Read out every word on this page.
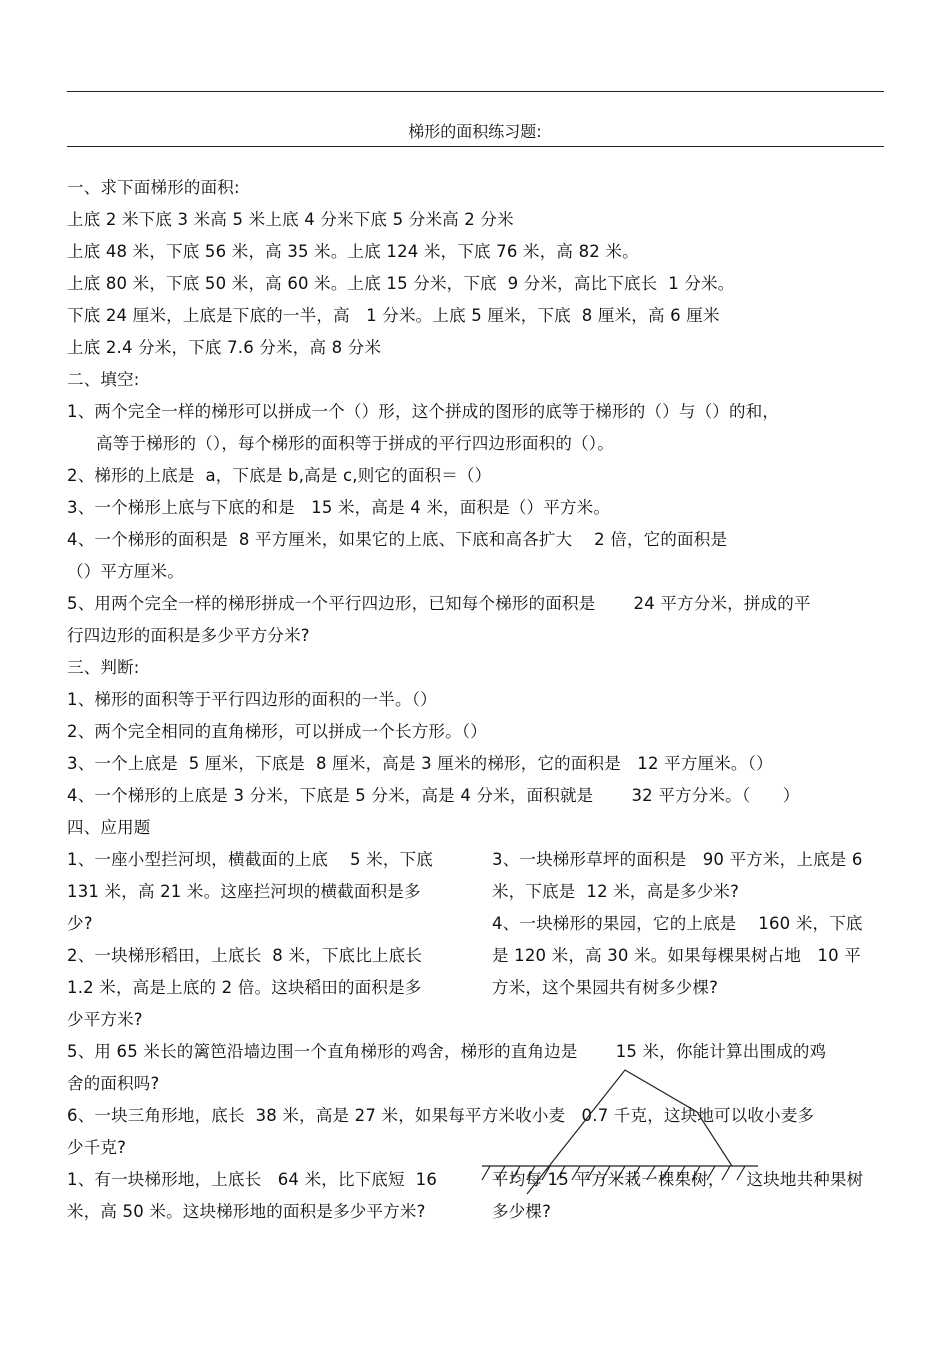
梯形的面积练习题:
一、求下面梯形的面积:
上底 2 米下底 3 米高 5 米上底 4 分米下底 5 分米高 2 分米
上底 48 米，下底 56 米，高 35 米。上底 124 米，下底 76 米，高 82 米。
上底 80 米，下底 50 米，高 60 米。上底 15 分米，下底  9 分米，高比下底长  1 分米。
下底 24 厘米，上底是下底的一半，高   1 分米。上底 5 厘米，下底  8 厘米，高 6 厘米
上底 2.4 分米，下底 7.6 分米，高 8 分米
二、填空:
1、两个完全一样的梯形可以拼成一个（）形，这个拼成的图形的底等于梯形的（）与（）的和，
高等于梯形的（），每个梯形的面积等于拼成的平行四边形面积的（）。
2、梯形的上底是  a，下底是 b,高是 c,则它的面积＝（）
3、一个梯形上底与下底的和是   15 米，高是 4 米，面积是（）平方米。
4、一个梯形的面积是  8 平方厘米，如果它的上底、下底和高各扩大    2 倍，它的面积是
（）平方厘米。
5、用两个完全一样的梯形拼成一个平行四边形，已知每个梯形的面积是       24 平方分米，拼成的平
行四边形的面积是多少平方分米?
三、判断:
1、梯形的面积等于平行四边形的面积的一半。（）
2、两个完全相同的直角梯形，可以拼成一个长方形。（）
3、一个上底是  5 厘米，下底是  8 厘米，高是 3 厘米的梯形，它的面积是   12 平方厘米。（）
4、一个梯形的上底是 3 分米，下底是 5 分米，高是 4 分米，面积就是       32 平方分米。（      ）
四、应用题
1、一座小型拦河坝，横截面的上底    5 米，下底
131 米，高 21 米。这座拦河坝的横截面积是多
少?
2、一块梯形稻田，上底长  8 米，下底比上底长
1.2 米，高是上底的 2 倍。这块稻田的面积是多
少平方米?
3、一块梯形草坪的面积是   90 平方米，上底是 6
米，下底是  12 米，高是多少米?
4、一块梯形的果园，它的上底是    160 米，下底
是 120 米，高 30 米。如果每棵果树占地   10 平
方米，这个果园共有树多少棵?
5、用 65 米长的篱笆沿墙边围一个直角梯形的鸡舍，梯形的直角边是       15 米，你能计算出围成的鸡
舍的面积吗?
6、一块三角形地，底长  38 米，高是 27 米，如果每平方米收小麦   0.7 千克，这块地可以收小麦多
少千克?
1、有一块梯形地，上底长   64 米，比下底短  16
米，高 50 米。这块梯形地的面积是多少平方米?
平均每 15 平方米栽一棵果树，    这块地共种果树
多少棵?
